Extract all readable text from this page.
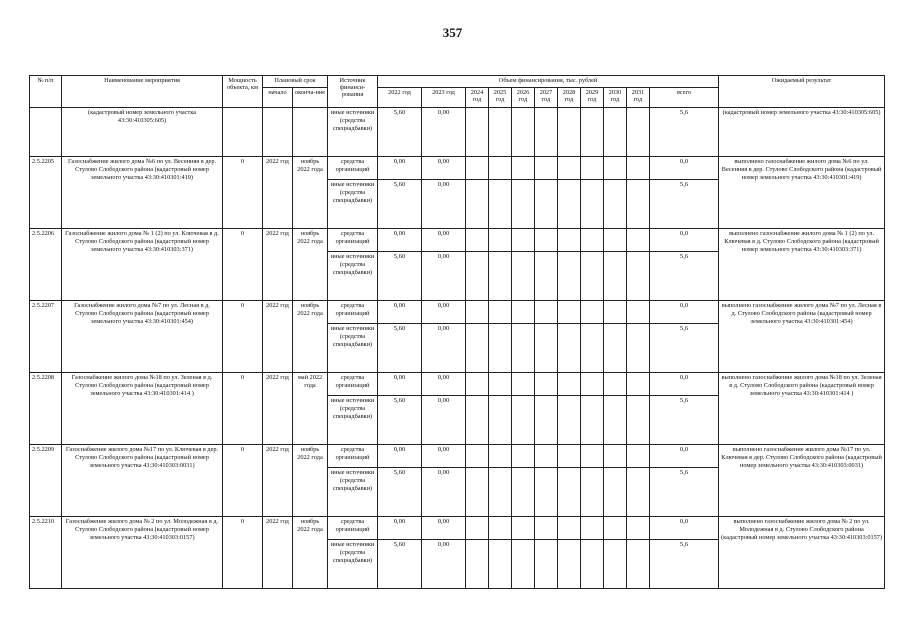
357
№ п/п	Наименование мероприятия	Мощность объекта, км	Плановый срок		Источник финанси-рования	Объем финансирования, тыс. рублей											Ожидаемый результат
			начало	оконча-ние		2022 год	2023 год	2024 год	2025 год	2026 год	2027 год	2028 год	2029 год	2030 год	2031 год	всего	
	(кадастровый номер земельного участка 43:30:410305:605)				иные источники (средства спецнадбавки)	5,60	0,00									5,6	(кадастровый номер земельного участка 43:30:410305:605)
2.5.2205	Газоснабжение жилого дома №6 по ул. Весенняя в дер. Стулово Слободского района (кадастровый номер земельного участка 43:30:410301:419)	0	2022 год	ноябрь 2022 года	средства организаций	0,00	0,00									0,0	выполнено газоснабжение жилого дома №6 по ул. Весенняя в дер. Стулово Слободского района (кадастровый номер земельного участка 43:30:410301:419)
					иные источники (средства спецнадбавки)	5,60	0,00									5,6	
2.5.2206	Газоснабжение жилого дома № 1 (2) по ул. Ключевая в д. Стулово Слободского района (кадастровый номер земельного участка 43:30:410303:371)	0	2022 год	ноябрь 2022 года	средства организаций	0,00	0,00									0,0	выполнено газоснабжение жилого дома № 1 (2) по ул. Ключевая в д. Стулово Слободского района (кадастровый номер земельного участка 43:30:410303:371)
					иные источники (средства спецнадбавки)	5,60	0,00									5,6	
2.5.2207	Газоснабжение жилого дома №7 по ул. Лесная в д. Стулово Слободского района (кадастровый номер земельного участка 43:30:410301:454)	0	2022 год	ноябрь 2022 года	средства организаций	0,00	0,00									0,0	выполнено газоснабжение жилого дома №7 по ул. Лесная в д. Стулово Слободского района (кадастровый номер земельного участка 43:30:410301:454)
					иные источники (средства спецнадбавки)	5,60	0,00									5,6	
2.5.2208	Газоснабжение жилого дома №18 по ул. Зеленая в д. Стулово Слободского района (кадастровый номер земельного участка 43:30:410301:414 )	0	2022 год	май 2022 года	средства организаций	0,00	0,00									0,0	выполнено газоснабжение жилого дома №18 по ул. Зеленая в д. Стулово Слободского района (кадастровый номер земельного участка 43:30:410301:414 )
					иные источники (средства спецнадбавки)	5,60	0,00									5,6	
2.5.2209	Газоснабжение жилого дома №17 по ул. Ключевая в дер. Стулово Слободского района (кадастровый номер земельного участка 43:30:410303:0031)	0	2022 год	ноябрь 2022 года	средства организаций	0,00	0,00									0,0	выполнено газоснабжение жилого дома №17 по ул. Ключевая в дер. Стулово Слободского района (кадастровый номер земельного участка 43:30:410303:0031)
					иные источники (средства спецнадбавки)	5,60	0,00									5,6	
2.5.2210	Газоснабжение жилого дома № 2 по ул. Молодежная в д. Стулово Слободского района (кадастровый номер земельного участка 43:30:410303:0157)	0	2022 год	ноябрь 2022 года	средства организаций	0,00	0,00									0,0	выполнено газоснабжение жилого дома № 2 по ул. Молодежная в д. Стулово Слободского района (кадастровый номер земельного участка 43:30:410303:0157)
					иные источники (средства спецнадбавки)	5,60	0,00									5,6	
